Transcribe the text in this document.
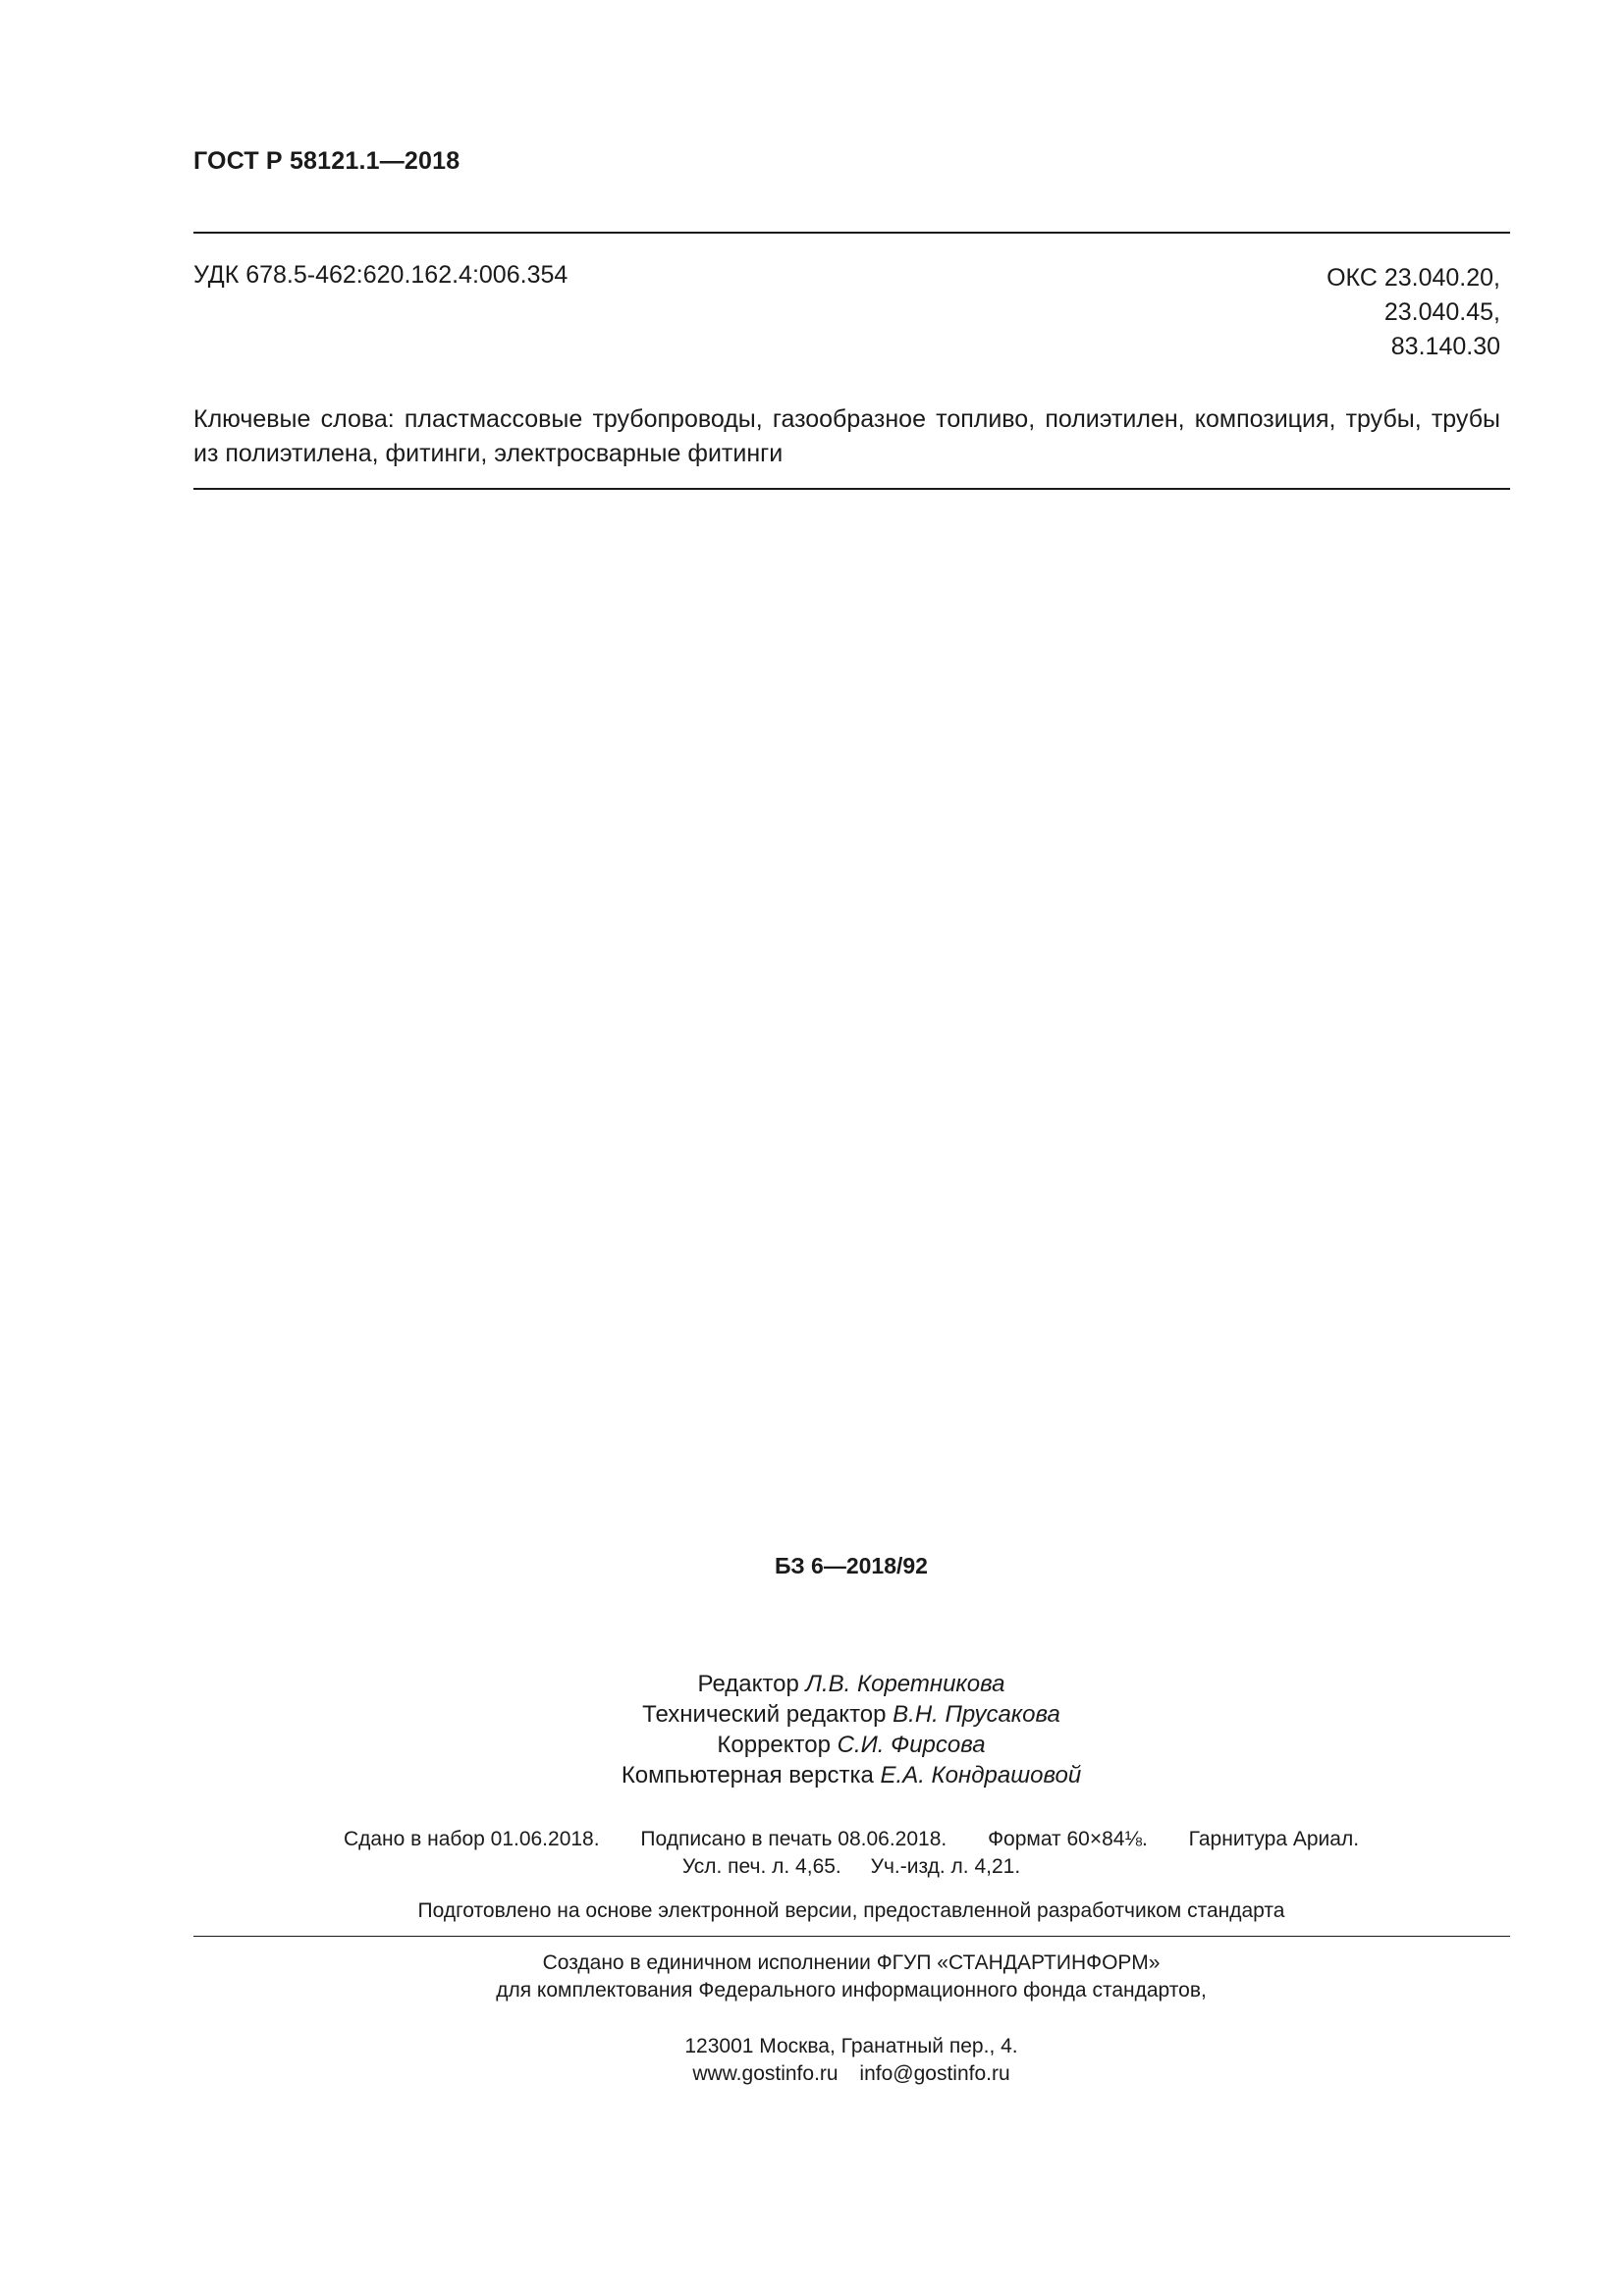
ГОСТ Р 58121.1—2018
УДК 678.5-462:620.162.4:006.354	ОКС 23.040.20,
23.040.45,
83.140.30
Ключевые слова: пластмассовые трубопроводы, газообразное топливо, полиэтилен, композиция, трубы, трубы из полиэтилена, фитинги, электросварные фитинги
БЗ 6—2018/92
Редактор Л.В. Коретникова
Технический редактор В.Н. Прусакова
Корректор С.И. Фирсова
Компьютерная верстка Е.А. Кондрашовой
Сдано в набор 01.06.2018. Подписано в печать 08.06.2018. Формат 60×84⅛. Гарнитура Ариал.
Усл. печ. л. 4,65. Уч.-изд. л. 4,21.
Подготовлено на основе электронной версии, предоставленной разработчиком стандарта
Создано в единичном исполнении ФГУП «СТАНДАРТИНФОРМ»
для комплектования Федерального информационного фонда стандартов,
123001 Москва, Гранатный пер., 4.
www.gostinfo.ru info@gostinfo.ru
